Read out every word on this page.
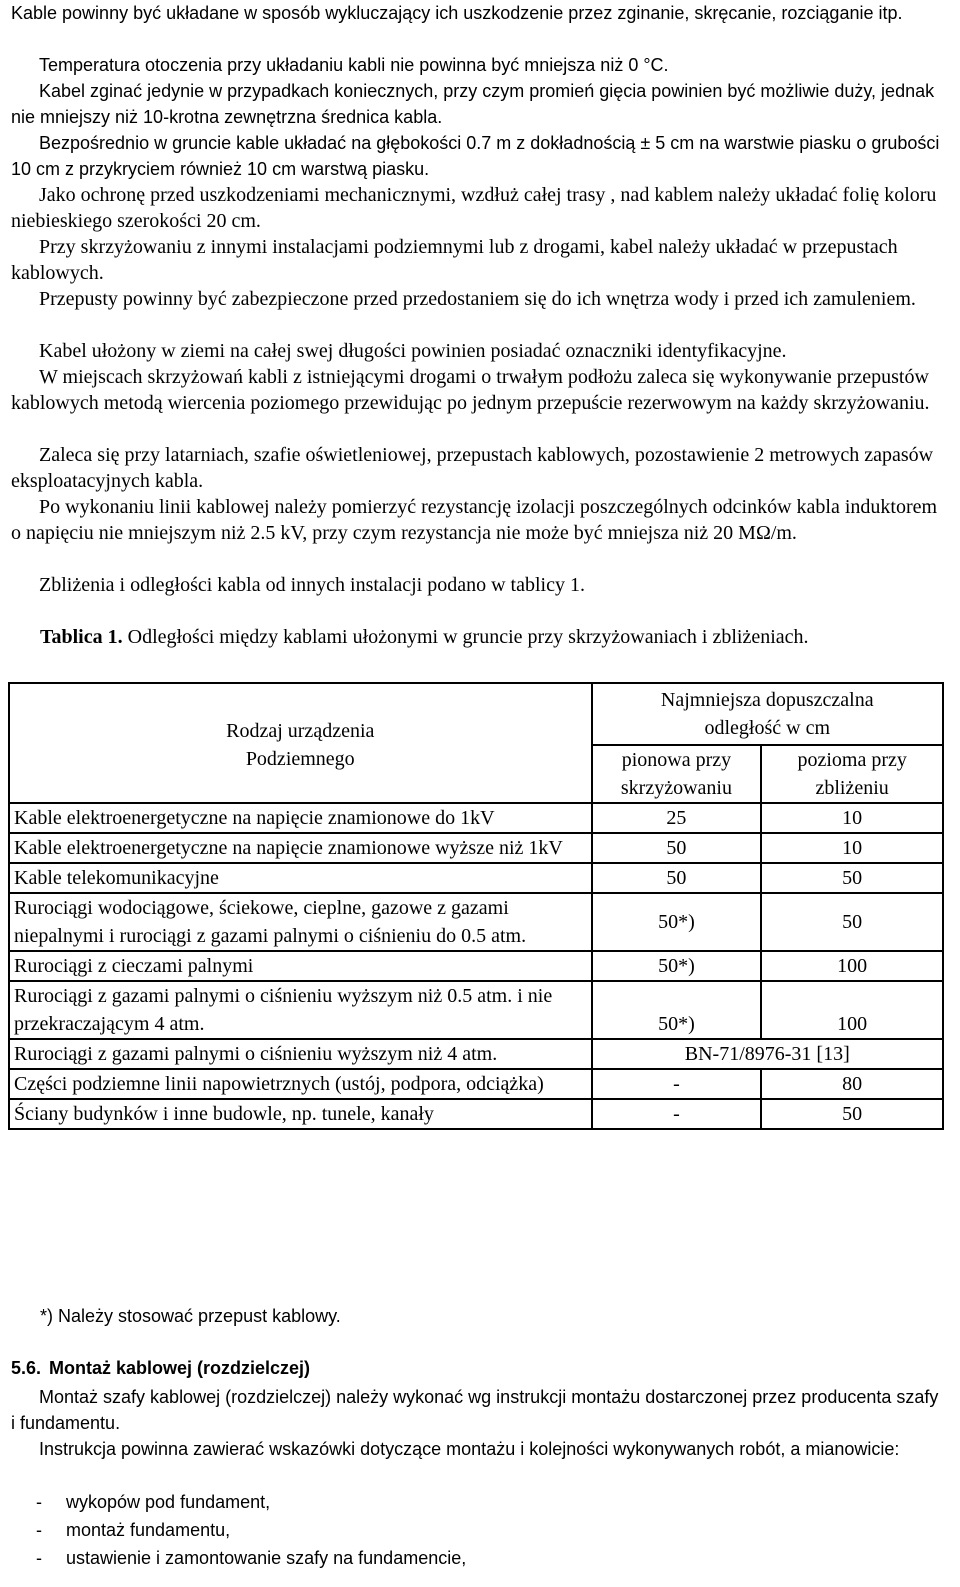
Kable powinny być układane w sposób wykluczający ich uszkodzenie przez zginanie, skręcanie, rozciąganie itp.

Temperatura otoczenia przy układaniu kabli nie powinna być mniejsza niż 0 °C.

Kabel zginać jedynie w przypadkach koniecznych, przy czym promień gięcia powinien być możliwie duży, jednak nie mniejszy niż 10-krotna zewnętrzna średnica kabla.

Bezpośrednio w gruncie kable układać na głębokości 0.7 m z dokładnością ± 5 cm na warstwie piasku o grubości 10 cm z przykryciem również 10 cm warstwą piasku.

Jako ochronę przed uszkodzeniami mechanicznymi, wzdłuż całej trasy , nad kablem należy układać folię koloru niebieskiego szerokości 20 cm.

Przy skrzyżowaniu z innymi instalacjami podziemnymi lub z drogami, kabel należy układać w przepustach kablowych.

Przepusty powinny być zabezpieczone przed przedostaniem się do ich wnętrza wody i przed ich zamuleniem.

Kabel ułożony w ziemi na całej swej długości powinien posiadać oznaczniki identyfikacyjne.

W miejscach skrzyżowań kabli z istniejącymi drogami o trwałym podłożu zaleca się wykonywanie przepustów kablowych metodą wiercenia poziomego przewidując po jednym przepuście rezerwowym na każdy skrzyżowaniu.

Zaleca się przy latarniach, szafie oświetleniowej, przepustach kablowych, pozostawienie 2 metrowych zapasów eksploatacyjnych kabla.

Po wykonaniu linii kablowej należy pomierzyć rezystancję izolacji poszczególnych odcinków kabla induktorem o napięciu nie mniejszym niż 2.5 kV, przy czym rezystancja nie może być mniejsza niż 20 MΩ/m.

Zbliżenia i odległości kabla od innych instalacji podano w tablicy 1.

Tablica 1. Odległości między kablami ułożonymi w gruncie przy skrzyżowaniach i zbliżeniach.

Rodzaj urządzenia
Podziemnego	Najmniejsza dopuszczalna odległość w cm	
	pionowa przy skrzyżowaniu	pozioma przy zbliżeniu
Kable elektroenergetyczne na napięcie znamionowe do 1kV	25	10
Kable elektroenergetyczne na napięcie znamionowe wyższe niż 1kV	50	10
Kable telekomunikacyjne	50	50
Rurociągi wodociągowe, ściekowe, cieplne, gazowe z gazami niepalnymi i rurociągi z gazami palnymi o ciśnieniu do 0.5 atm.	50*)	50
Rurociągi z cieczami palnymi	50*)	100
Rurociągi z gazami palnymi o ciśnieniu wyższym niż 0.5 atm. i nie przekraczającym 4 atm.	50*)	100
Rurociągi z gazami palnymi o ciśnieniu wyższym niż 4 atm.	BN-71/8976-31 [13]	
Części podziemne linii napowietrznych (ustój, podpora, odciążka)	-	80
Ściany budynków i inne budowle, np. tunele, kanały	-	50

*) Należy stosować przepust kablowy.

5.6. Montaż kablowej (rozdzielczej)

Montaż szafy kablowej (rozdzielczej) należy wykonać wg instrukcji montażu dostarczonej przez producenta szafy i fundamentu.

Instrukcja powinna zawierać wskazówki dotyczące montażu i kolejności wykonywanych robót, a mianowicie:

- wykopów pod fundament,
- montaż fundamentu,
- ustawienie i zamontowanie szafy na fundamencie,
